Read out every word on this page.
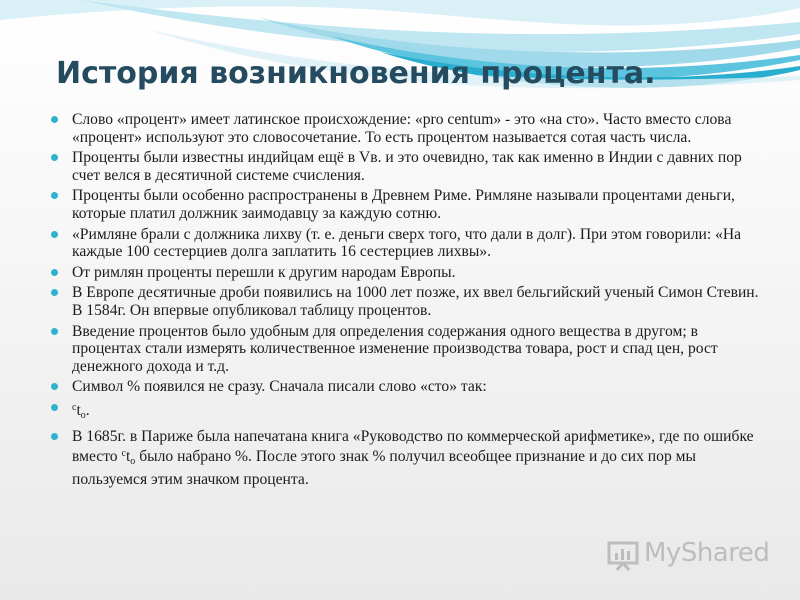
История возникновения процента.
Слово «процент» имеет латинское происхождение: «pro centum» - это «на сто». Часто вместо слова «процент» используют это словосочетание. То есть процентом называется сотая часть числа.
Проценты были известны индийцам ещё в Vв. и это очевидно, так как именно в Индии с давних пор счет велся в десятичной системе счисления.
Проценты были особенно распространены в Древнем Риме. Римляне называли процентами деньги, которые платил должник заимодавцу за каждую сотню.
«Римляне брали с должника лихву (т. е. деньги сверх того, что дали в долг). При этом говорили: «На каждые 100 сестерциев долга заплатить 16 сестерциев лихвы».
От римлян проценты перешли к другим народам Европы.
В Европе десятичные дроби появились на 1000 лет позже, их ввел бельгийский ученый Симон Стевин. В 1584г. Он впервые опубликовал таблицу процентов.
Введение процентов было удобным для определения содержания одного вещества в другом; в процентах стали измерять количественное изменение производства товара, рост и спад цен, рост денежного дохода и т.д.
Символ % появился не сразу. Сначала писали слово «сто» так:
$^ct_o$.
В 1685г. в Париже была напечатана книга «Руководство по коммерческой арифметике», где по ошибке вместо $^ct_o$ было набрано %. После этого знак % получил всеобщее признание и до сих пор мы пользуемся этим значком процента.
MyShared
